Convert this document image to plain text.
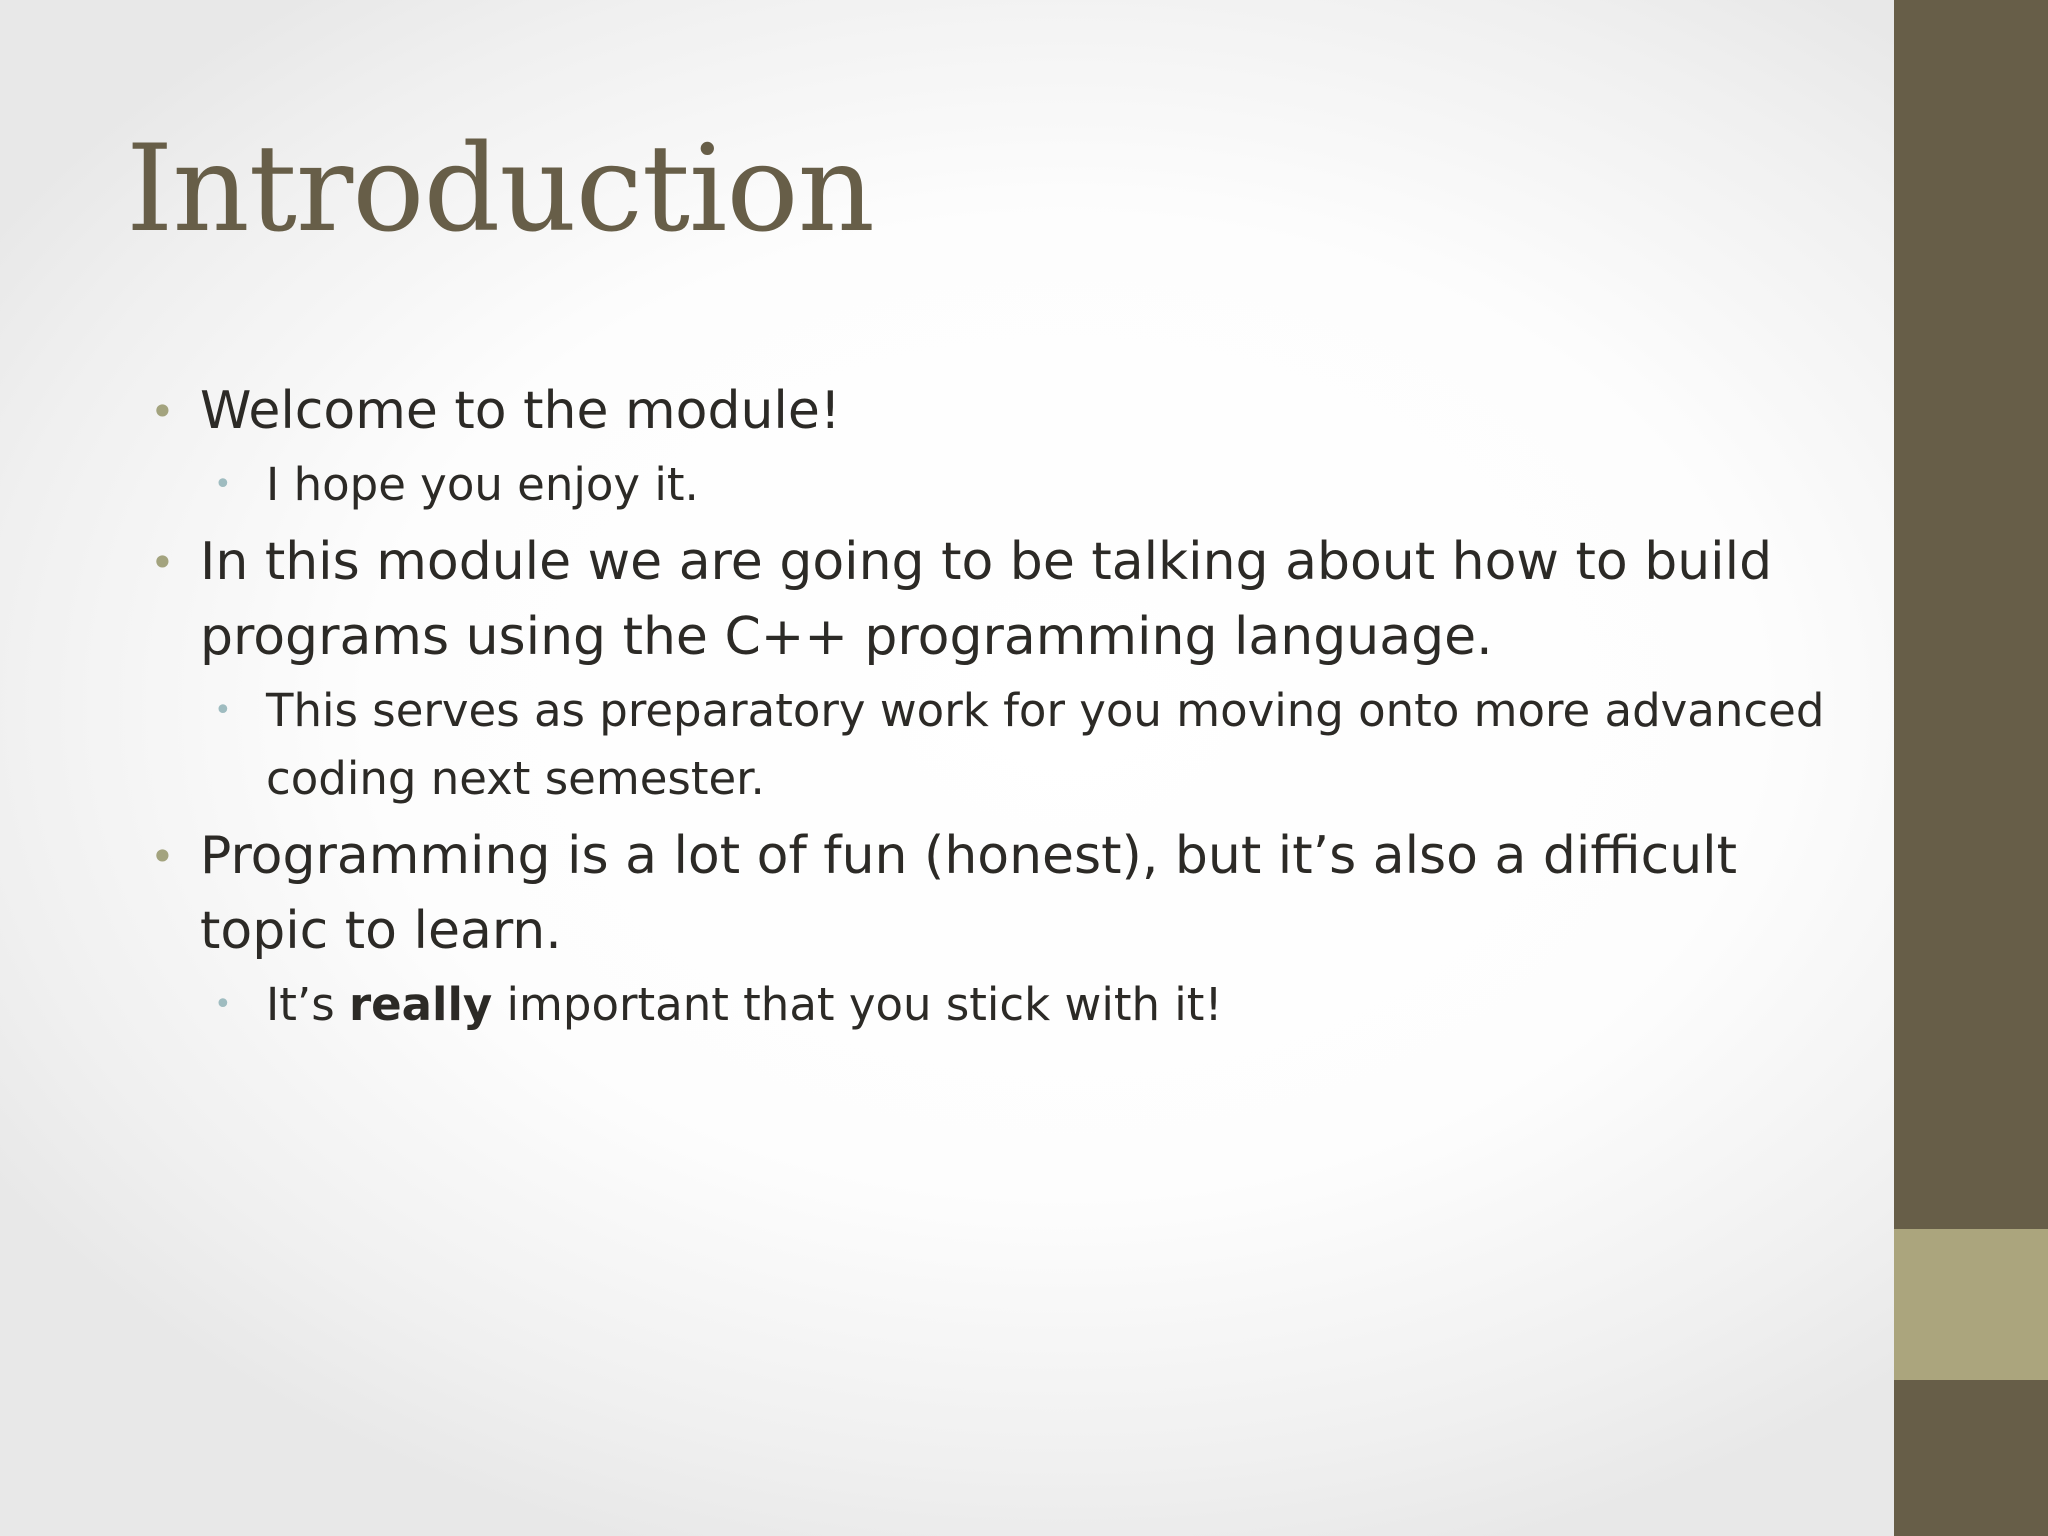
Introduction
• Welcome to the module!
• I hope you enjoy it.
• In this module we are going to be talking about how to build programs using the C++ programming language.
• This serves as preparatory work for you moving onto more advanced coding next semester.
• Programming is a lot of fun (honest), but it’s also a difficult topic to learn.
• It’s really important that you stick with it!
